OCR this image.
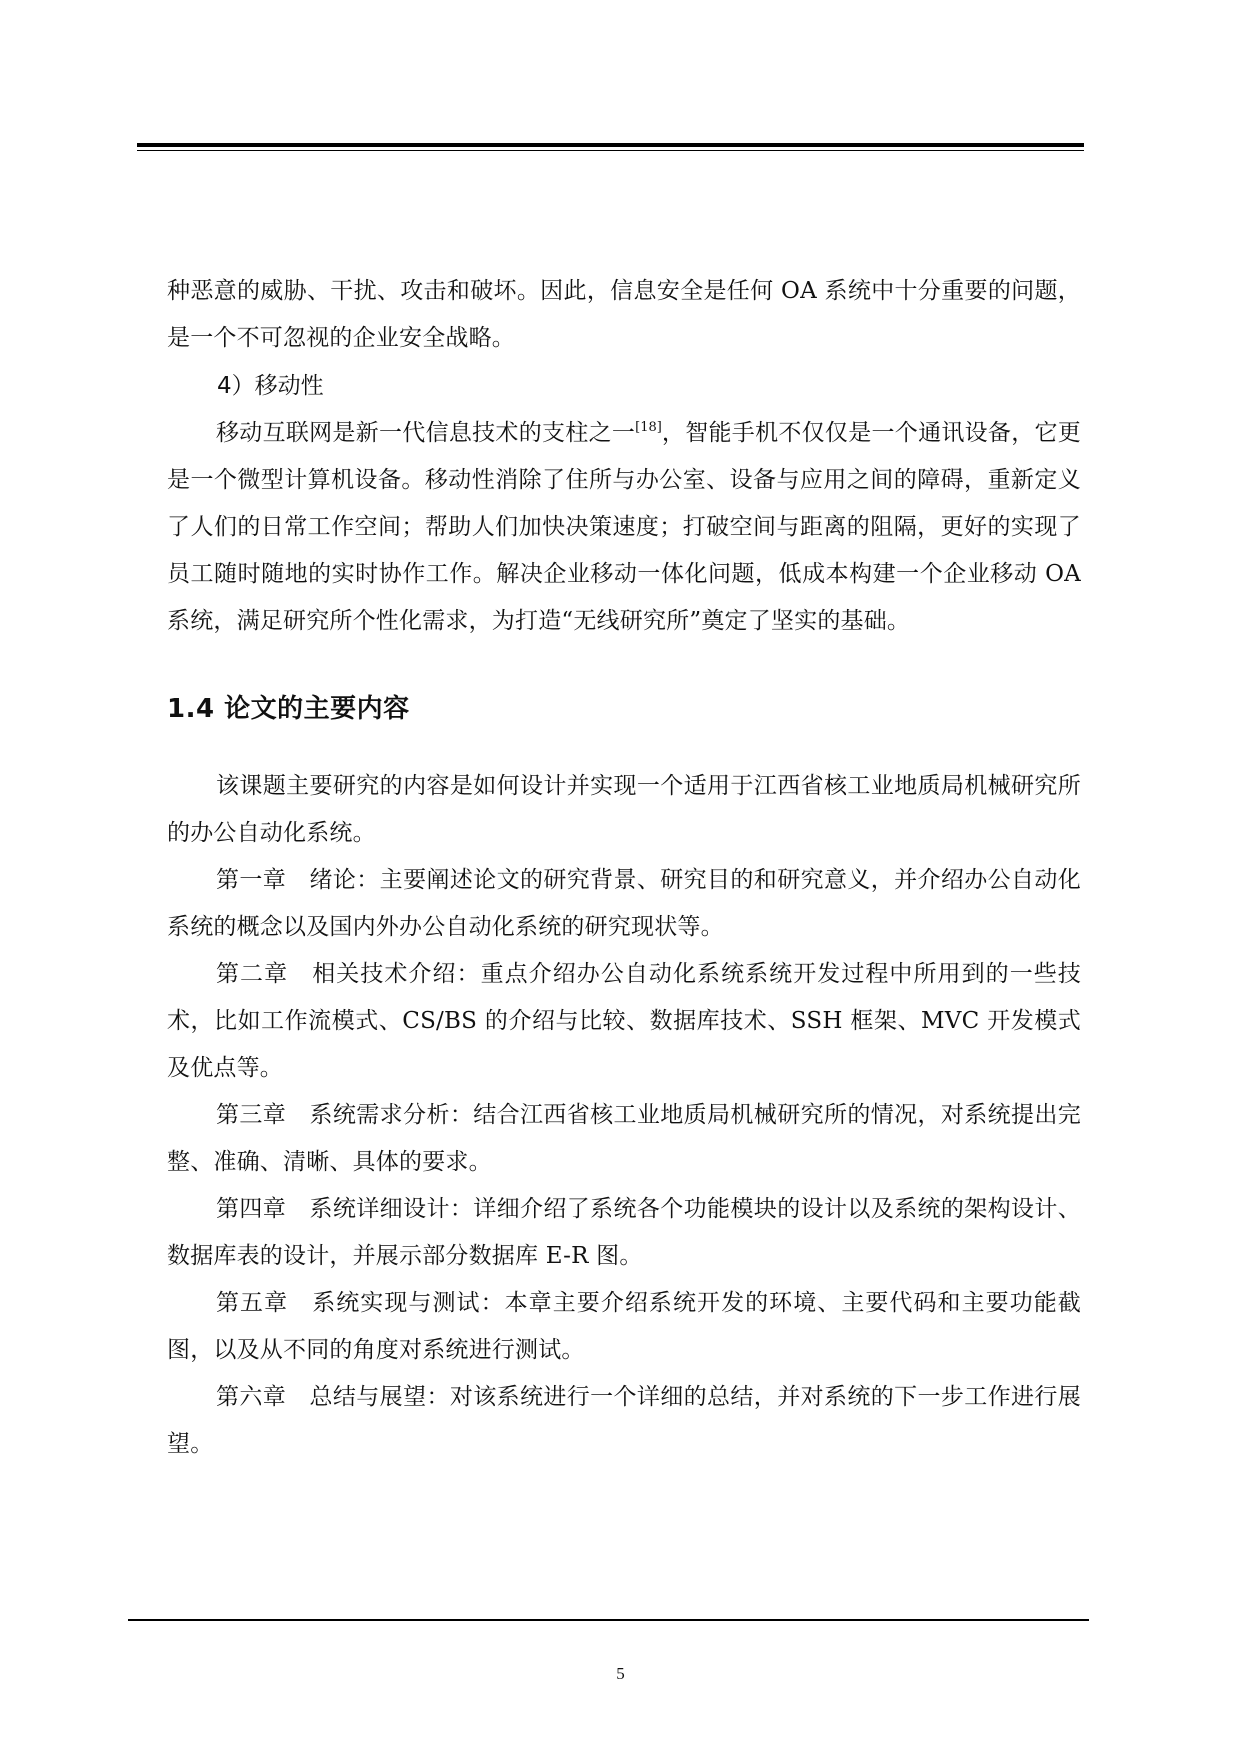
种恶意的威胁、干扰、攻击和破坏。因此，信息安全是任何 OA 系统中十分重要的问题，是一个不可忽视的企业安全战略。

4）移动性

移动互联网是新一代信息技术的支柱之一[18]，智能手机不仅仅是一个通讯设备，它更是一个微型计算机设备。移动性消除了住所与办公室、设备与应用之间的障碍，重新定义了人们的日常工作空间；帮助人们加快决策速度；打破空间与距离的阻隔，更好的实现了员工随时随地的实时协作工作。解决企业移动一体化问题，低成本构建一个企业移动 OA 系统，满足研究所个性化需求，为打造“无线研究所”奠定了坚实的基础。

1.4 论文的主要内容

该课题主要研究的内容是如何设计并实现一个适用于江西省核工业地质局机械研究所的办公自动化系统。

第一章　绪论：主要阐述论文的研究背景、研究目的和研究意义，并介绍办公自动化系统的概念以及国内外办公自动化系统的研究现状等。

第二章　相关技术介绍：重点介绍办公自动化系统系统开发过程中所用到的一些技术，比如工作流模式、CS/BS 的介绍与比较、数据库技术、SSH 框架、MVC 开发模式及优点等。

第三章　系统需求分析：结合江西省核工业地质局机械研究所的情况，对系统提出完整、准确、清晰、具体的要求。

第四章　系统详细设计：详细介绍了系统各个功能模块的设计以及系统的架构设计、数据库表的设计，并展示部分数据库 E-R 图。

第五章　系统实现与测试：本章主要介绍系统开发的环境、主要代码和主要功能截图，以及从不同的角度对系统进行测试。

第六章　总结与展望：对该系统进行一个详细的总结，并对系统的下一步工作进行展望。

5
